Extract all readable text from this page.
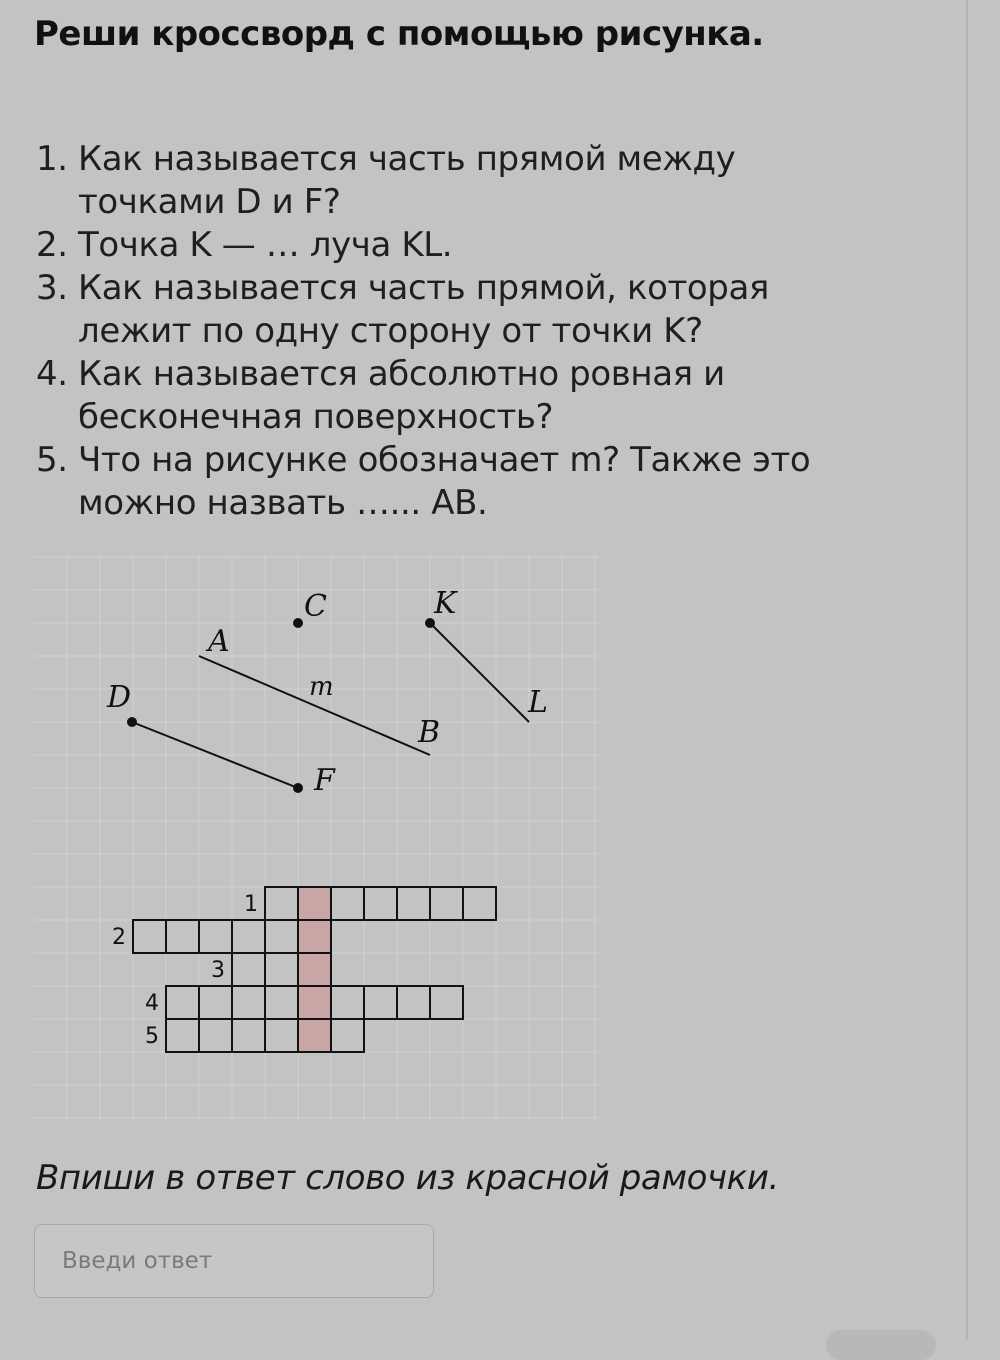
Реши кроссворд с помощью рисунка.
1. Как называется часть прямой между
точками D и F?
2. Точка K — … луча KL.
3. Как называется часть прямой, которая
лежит по одну сторону от точки K?
4. Как называется абсолютно ровная и
бесконечная поверхность?
5. Что на рисунке обозначает m? Также это
можно назвать …... AB.
C	K
A
m
D	L
B
F
1
2
3
4
5

Впиши в ответ слово из красной рамочки.

Введи ответ
